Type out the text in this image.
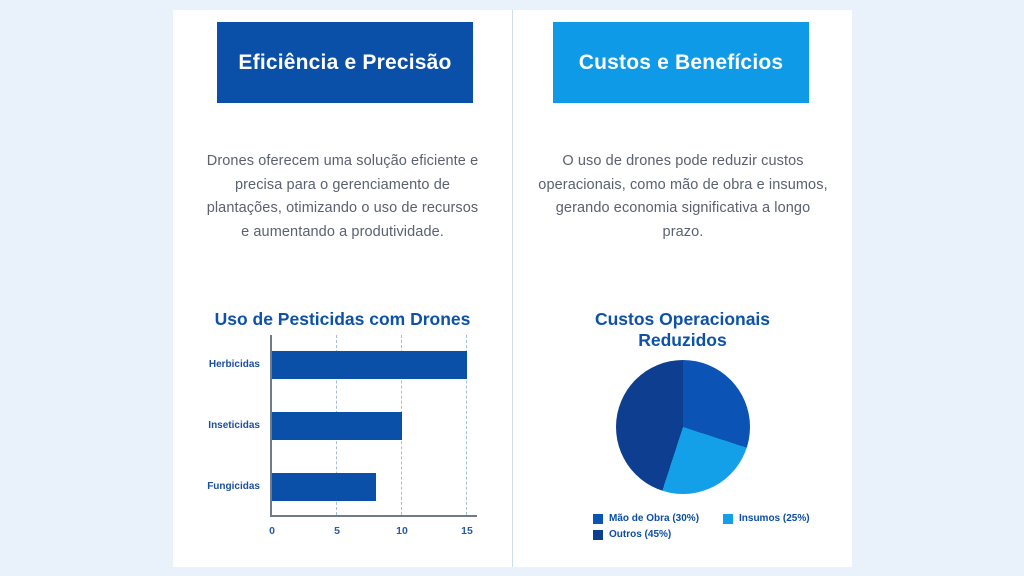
Eficiência e Precisão

Drones oferecem uma solução eficiente e precisa para o gerenciamento de plantações, otimizando o uso de recursos e aumentando a produtividade.

Uso de Pesticidas com Drones
Herbicidas
Inseticidas
Fungicidas
0	5	10	15
Custos e Benefícios

O uso de drones pode reduzir custos operacionais, como mão de obra e insumos, gerando economia significativa a longo prazo.

Custos Operacionais Reduzidos
Mão de Obra (30%)	Insumos (25%)
Outros (45%)
